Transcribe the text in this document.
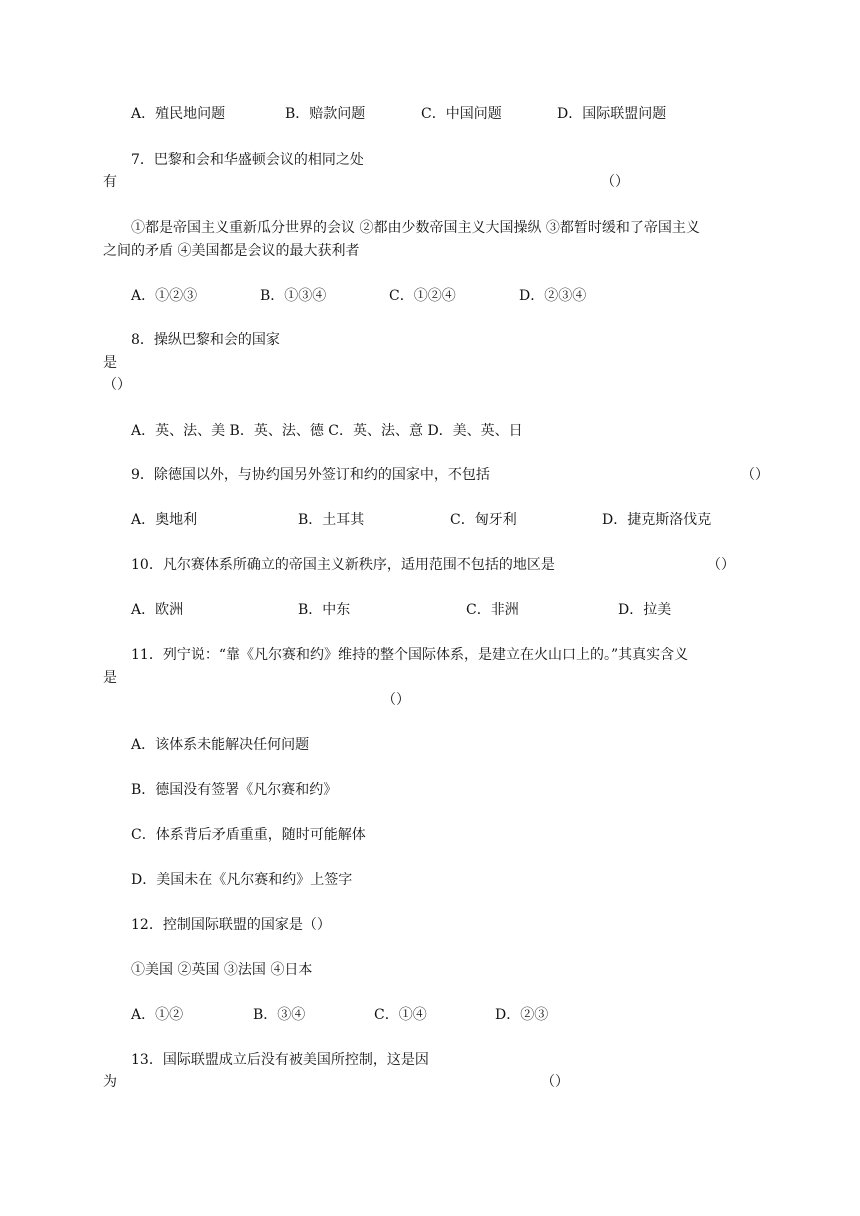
A．殖民地问题	B．赔款问题	C．中国问题	D．国际联盟问题
7．巴黎和会和华盛顿会议的相同之处
有	（）
①都是帝国主义重新瓜分世界的会议 ②都由少数帝国主义大国操纵 ③都暂时缓和了帝国主义
之间的矛盾 ④美国都是会议的最大获利者
A．①②③	B．①③④	C．①②④	D．②③④
8．操纵巴黎和会的国家
是
（）
A．英、法、美 B．英、法、德 C．英、法、意 D．美、英、日
9．除德国以外，与协约国另外签订和约的国家中，不包括	（）
A．奥地利	B．土耳其	C．匈牙利	D．捷克斯洛伐克
10．凡尔赛体系所确立的帝国主义新秩序，适用范围不包括的地区是	（）
A．欧洲	B．中东	C．非洲	D．拉美
11．列宁说：“靠《凡尔赛和约》维持的整个国际体系，是建立在火山口上的。”其真实含义
是
（）
A．该体系未能解决任何问题
B．德国没有签署《凡尔赛和约》
C．体系背后矛盾重重，随时可能解体
D．美国未在《凡尔赛和约》上签字
12．控制国际联盟的国家是（）
①美国 ②英国 ③法国 ④日本
A．①②	B．③④	C．①④	D．②③
13．国际联盟成立后没有被美国所控制，这是因
为	（）
